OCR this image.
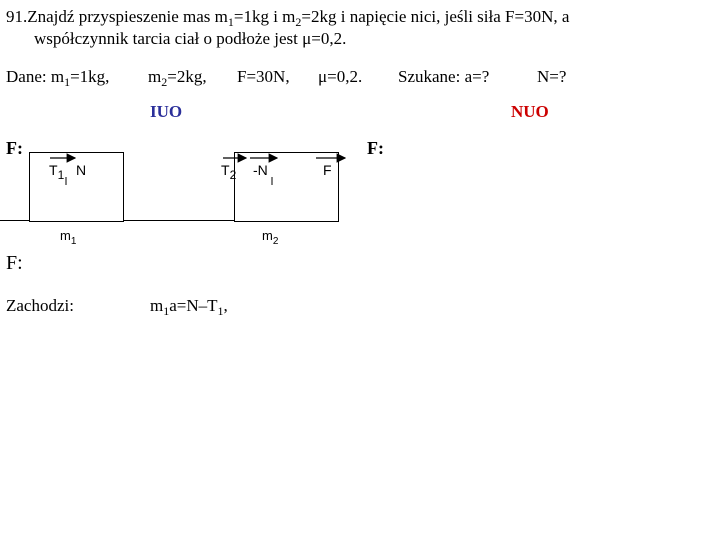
91.Znajdź przyspieszenie mas $m_1=1kg$ i $m_2=2kg$ i napięcie nici, jeśli siła F=30N, a
współczynnik tarcia ciał o podłoże jest μ=0,2.
Dane: $m_1=1kg$, $m_2=2kg$, F=30N, μ=0,2. Szukane: a=?	N=?
IUO	NUO
F:	F:
T1 N	T2 -N	F
$m_1$	$m_2$
F:
Zachodzi:	$m_1a=N-T_1$,
